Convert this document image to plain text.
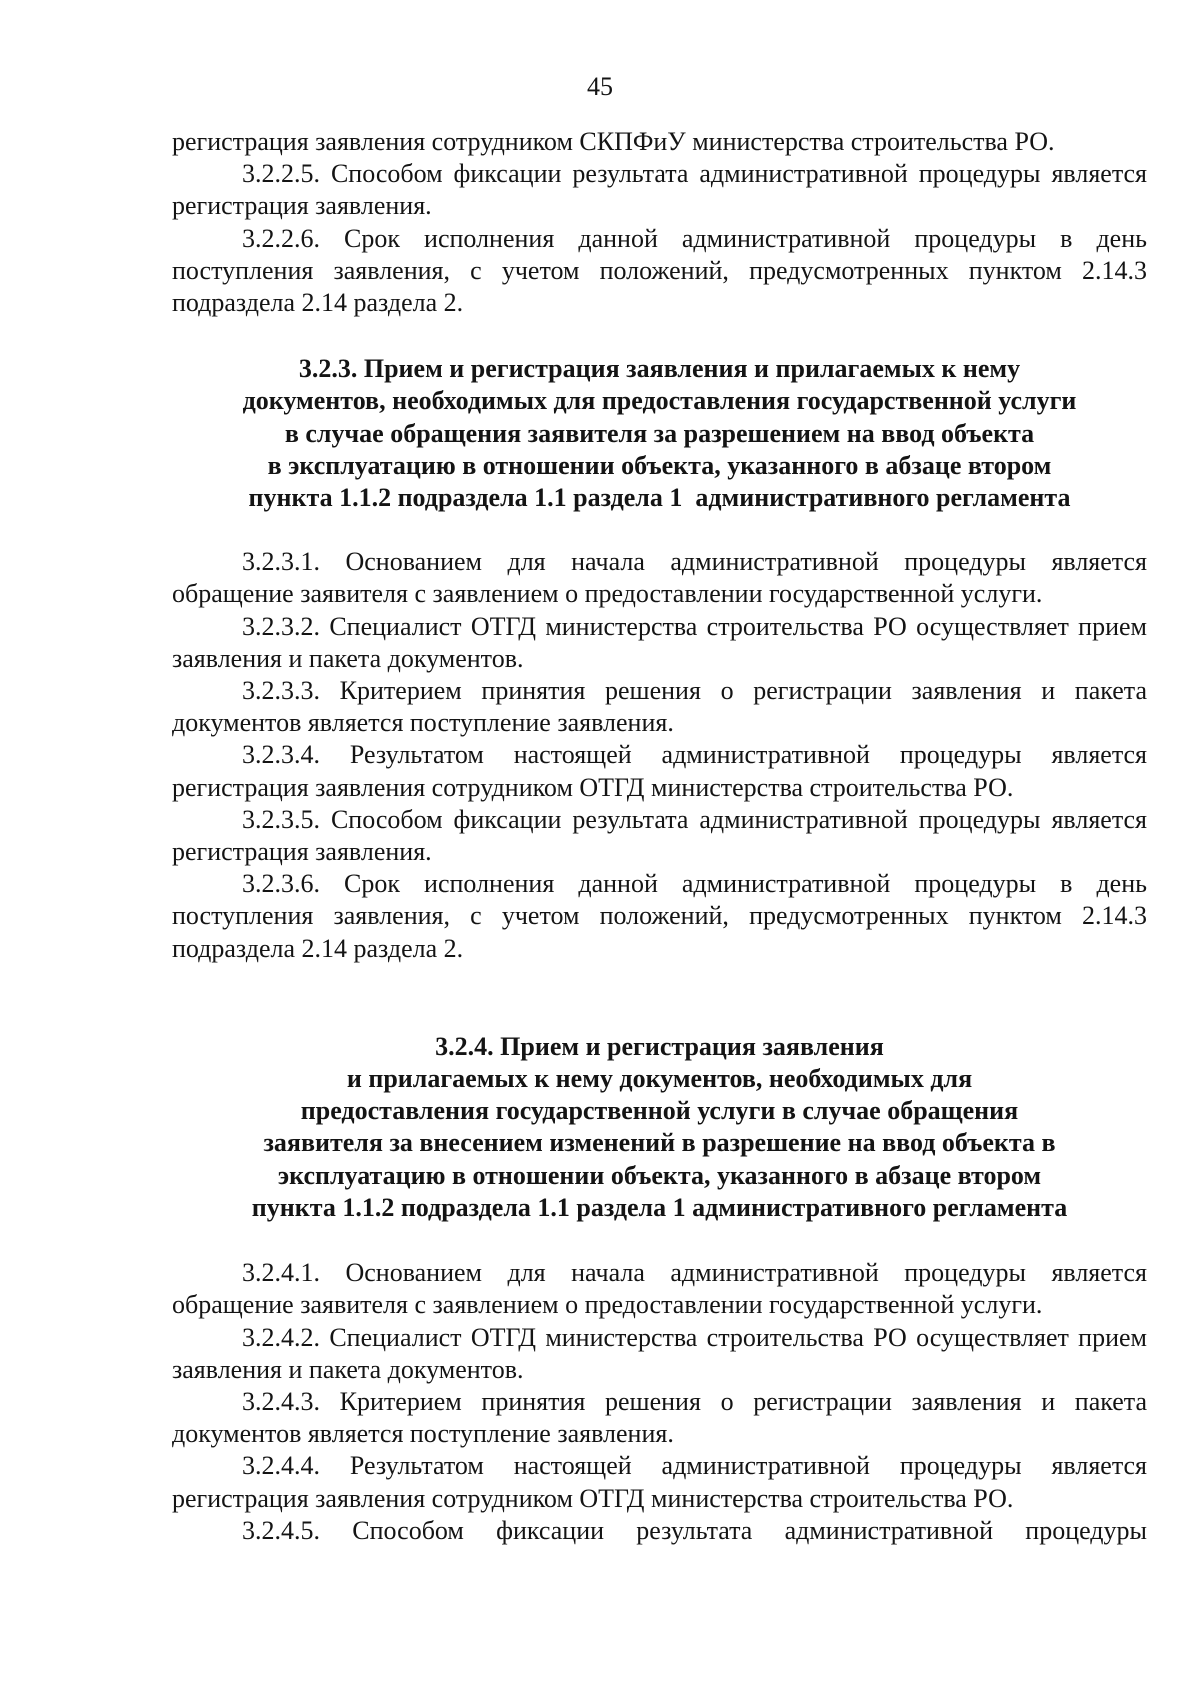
45

регистрация заявления сотрудником СКПФиУ министерства строительства РО.

3.2.2.5. Способом фиксации результата административной процедуры является регистрация заявления.

3.2.2.6. Срок исполнения данной административной процедуры в день поступления заявления, с учетом положений, предусмотренных пунктом 2.14.3 подраздела 2.14 раздела 2.

3.2.3. Прием и регистрация заявления и прилагаемых к нему
документов, необходимых для предоставления государственной услуги
в случае обращения заявителя за разрешением на ввод объекта
в эксплуатацию в отношении объекта, указанного в абзаце втором
пункта 1.1.2 подраздела 1.1 раздела 1  административного регламента

3.2.3.1. Основанием для начала административной процедуры является обращение заявителя с заявлением о предоставлении государственной услуги.

3.2.3.2. Специалист ОТГД министерства строительства РО осуществляет прием заявления и пакета документов.

3.2.3.3. Критерием принятия решения о регистрации заявления и пакета документов является поступление заявления.

3.2.3.4. Результатом настоящей административной процедуры является регистрация заявления сотрудником ОТГД министерства строительства РО.

3.2.3.5. Способом фиксации результата административной процедуры является регистрация заявления.

3.2.3.6. Срок исполнения данной административной процедуры в день поступления заявления, с учетом положений, предусмотренных пунктом 2.14.3 подраздела 2.14 раздела 2.

3.2.4. Прием и регистрация заявления
и прилагаемых к нему документов, необходимых для
предоставления государственной услуги в случае обращения
заявителя за внесением изменений в разрешение на ввод объекта в
эксплуатацию в отношении объекта, указанного в абзаце втором
пункта 1.1.2 подраздела 1.1 раздела 1 административного регламента

3.2.4.1. Основанием для начала административной процедуры является обращение заявителя с заявлением о предоставлении государственной услуги.

3.2.4.2. Специалист ОТГД министерства строительства РО осуществляет прием заявления и пакета документов.

3.2.4.3. Критерием принятия решения о регистрации заявления и пакета документов является поступление заявления.

3.2.4.4. Результатом настоящей административной процедуры является регистрация заявления сотрудником ОТГД министерства строительства РО.

3.2.4.5. Способом фиксации результата административной процедуры
